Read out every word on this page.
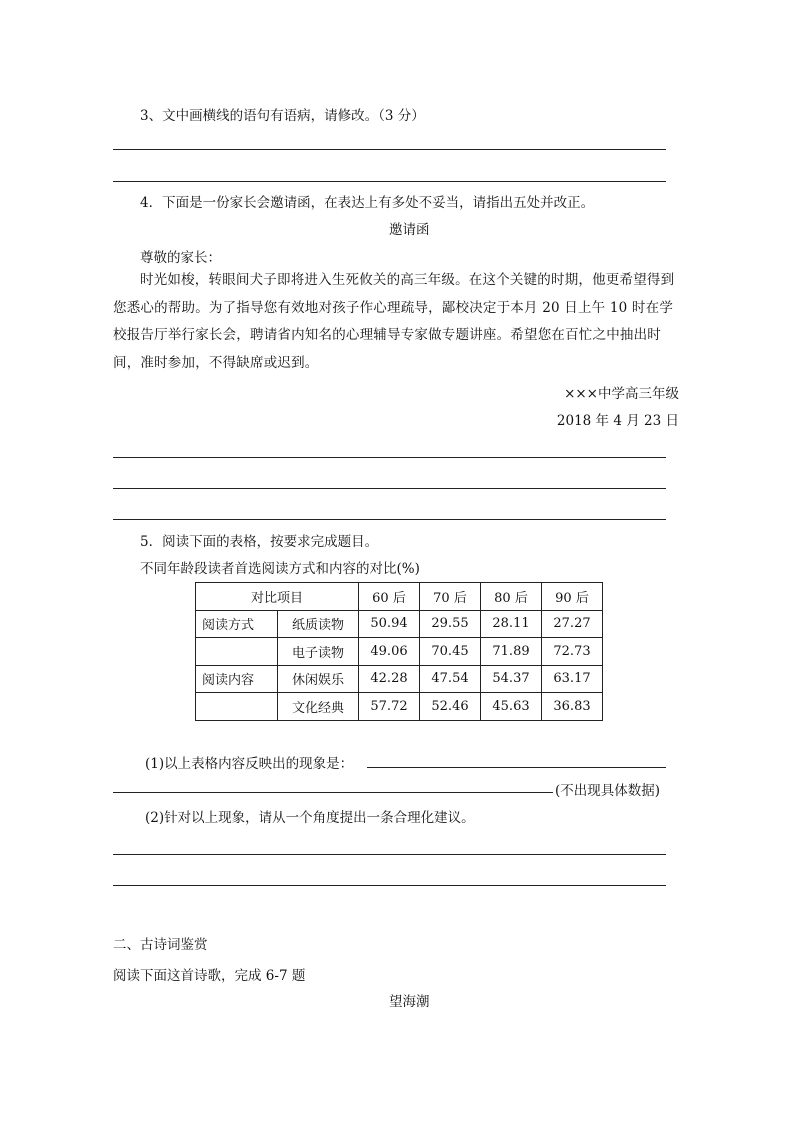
3、文中画横线的语句有语病，请修改。（3 分）
4．下面是一份家长会邀请函，在表达上有多处不妥当，请指出五处并改正。
邀请函
尊敬的家长：
时光如梭，转眼间犬子即将进入生死攸关的高三年级。在这个关键的时期，他更希望得到您悉心的帮助。为了指导您有效地对孩子作心理疏导，鄙校决定于本月 20 日上午 10 时在学校报告厅举行家长会，聘请省内知名的心理辅导专家做专题讲座。希望您在百忙之中抽出时间，准时参加，不得缺席或迟到。
×××中学高三年级
2018 年 4 月 23 日
5．阅读下面的表格，按要求完成题目。
不同年龄段读者首选阅读方式和内容的对比(%)
对比项目		60 后	70 后	80 后	90 后
阅读方式	纸质读物	50.94	29.55	28.11	27.27
	电子读物	49.06	70.45	71.89	72.73
阅读内容	休闲娱乐	42.28	47.54	54.37	63.17
	文化经典	57.72	52.46	45.63	36.83
(1)以上表格内容反映出的现象是：
(不出现具体数据)
(2)针对以上现象，请从一个角度提出一条合理化建议。
二、古诗词鉴赏
阅读下面这首诗歌，完成 6-7 题
望海潮
